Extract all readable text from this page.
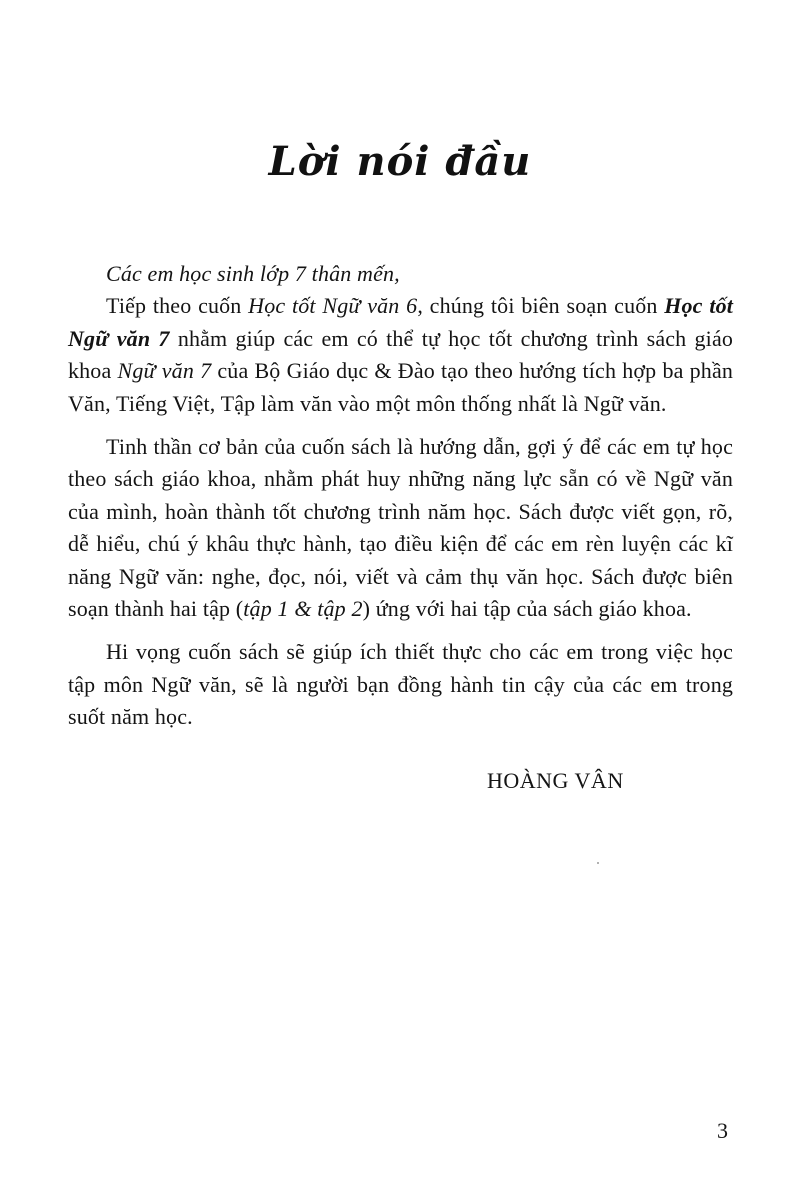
Lời nói đầu

Các em học sinh lớp 7 thân mến,

Tiếp theo cuốn Học tốt Ngữ văn 6, chúng tôi biên soạn cuốn Học tốt Ngữ văn 7 nhằm giúp các em có thể tự học tốt chương trình sách giáo khoa Ngữ văn 7 của Bộ Giáo dục & Đào tạo theo hướng tích hợp ba phần Văn, Tiếng Việt, Tập làm văn vào một môn thống nhất là Ngữ văn.

Tinh thần cơ bản của cuốn sách là hướng dẫn, gợi ý để các em tự học theo sách giáo khoa, nhằm phát huy những năng lực sẵn có về Ngữ văn của mình, hoàn thành tốt chương trình năm học. Sách được viết gọn, rõ, dễ hiểu, chú ý khâu thực hành, tạo điều kiện để các em rèn luyện các kĩ năng Ngữ văn: nghe, đọc, nói, viết và cảm thụ văn học. Sách được biên soạn thành hai tập (tập 1 & tập 2) ứng với hai tập của sách giáo khoa.

Hi vọng cuốn sách sẽ giúp ích thiết thực cho các em trong việc học tập môn Ngữ văn, sẽ là người bạn đồng hành tin cậy của các em trong suốt năm học.

HOÀNG VÂN
3
